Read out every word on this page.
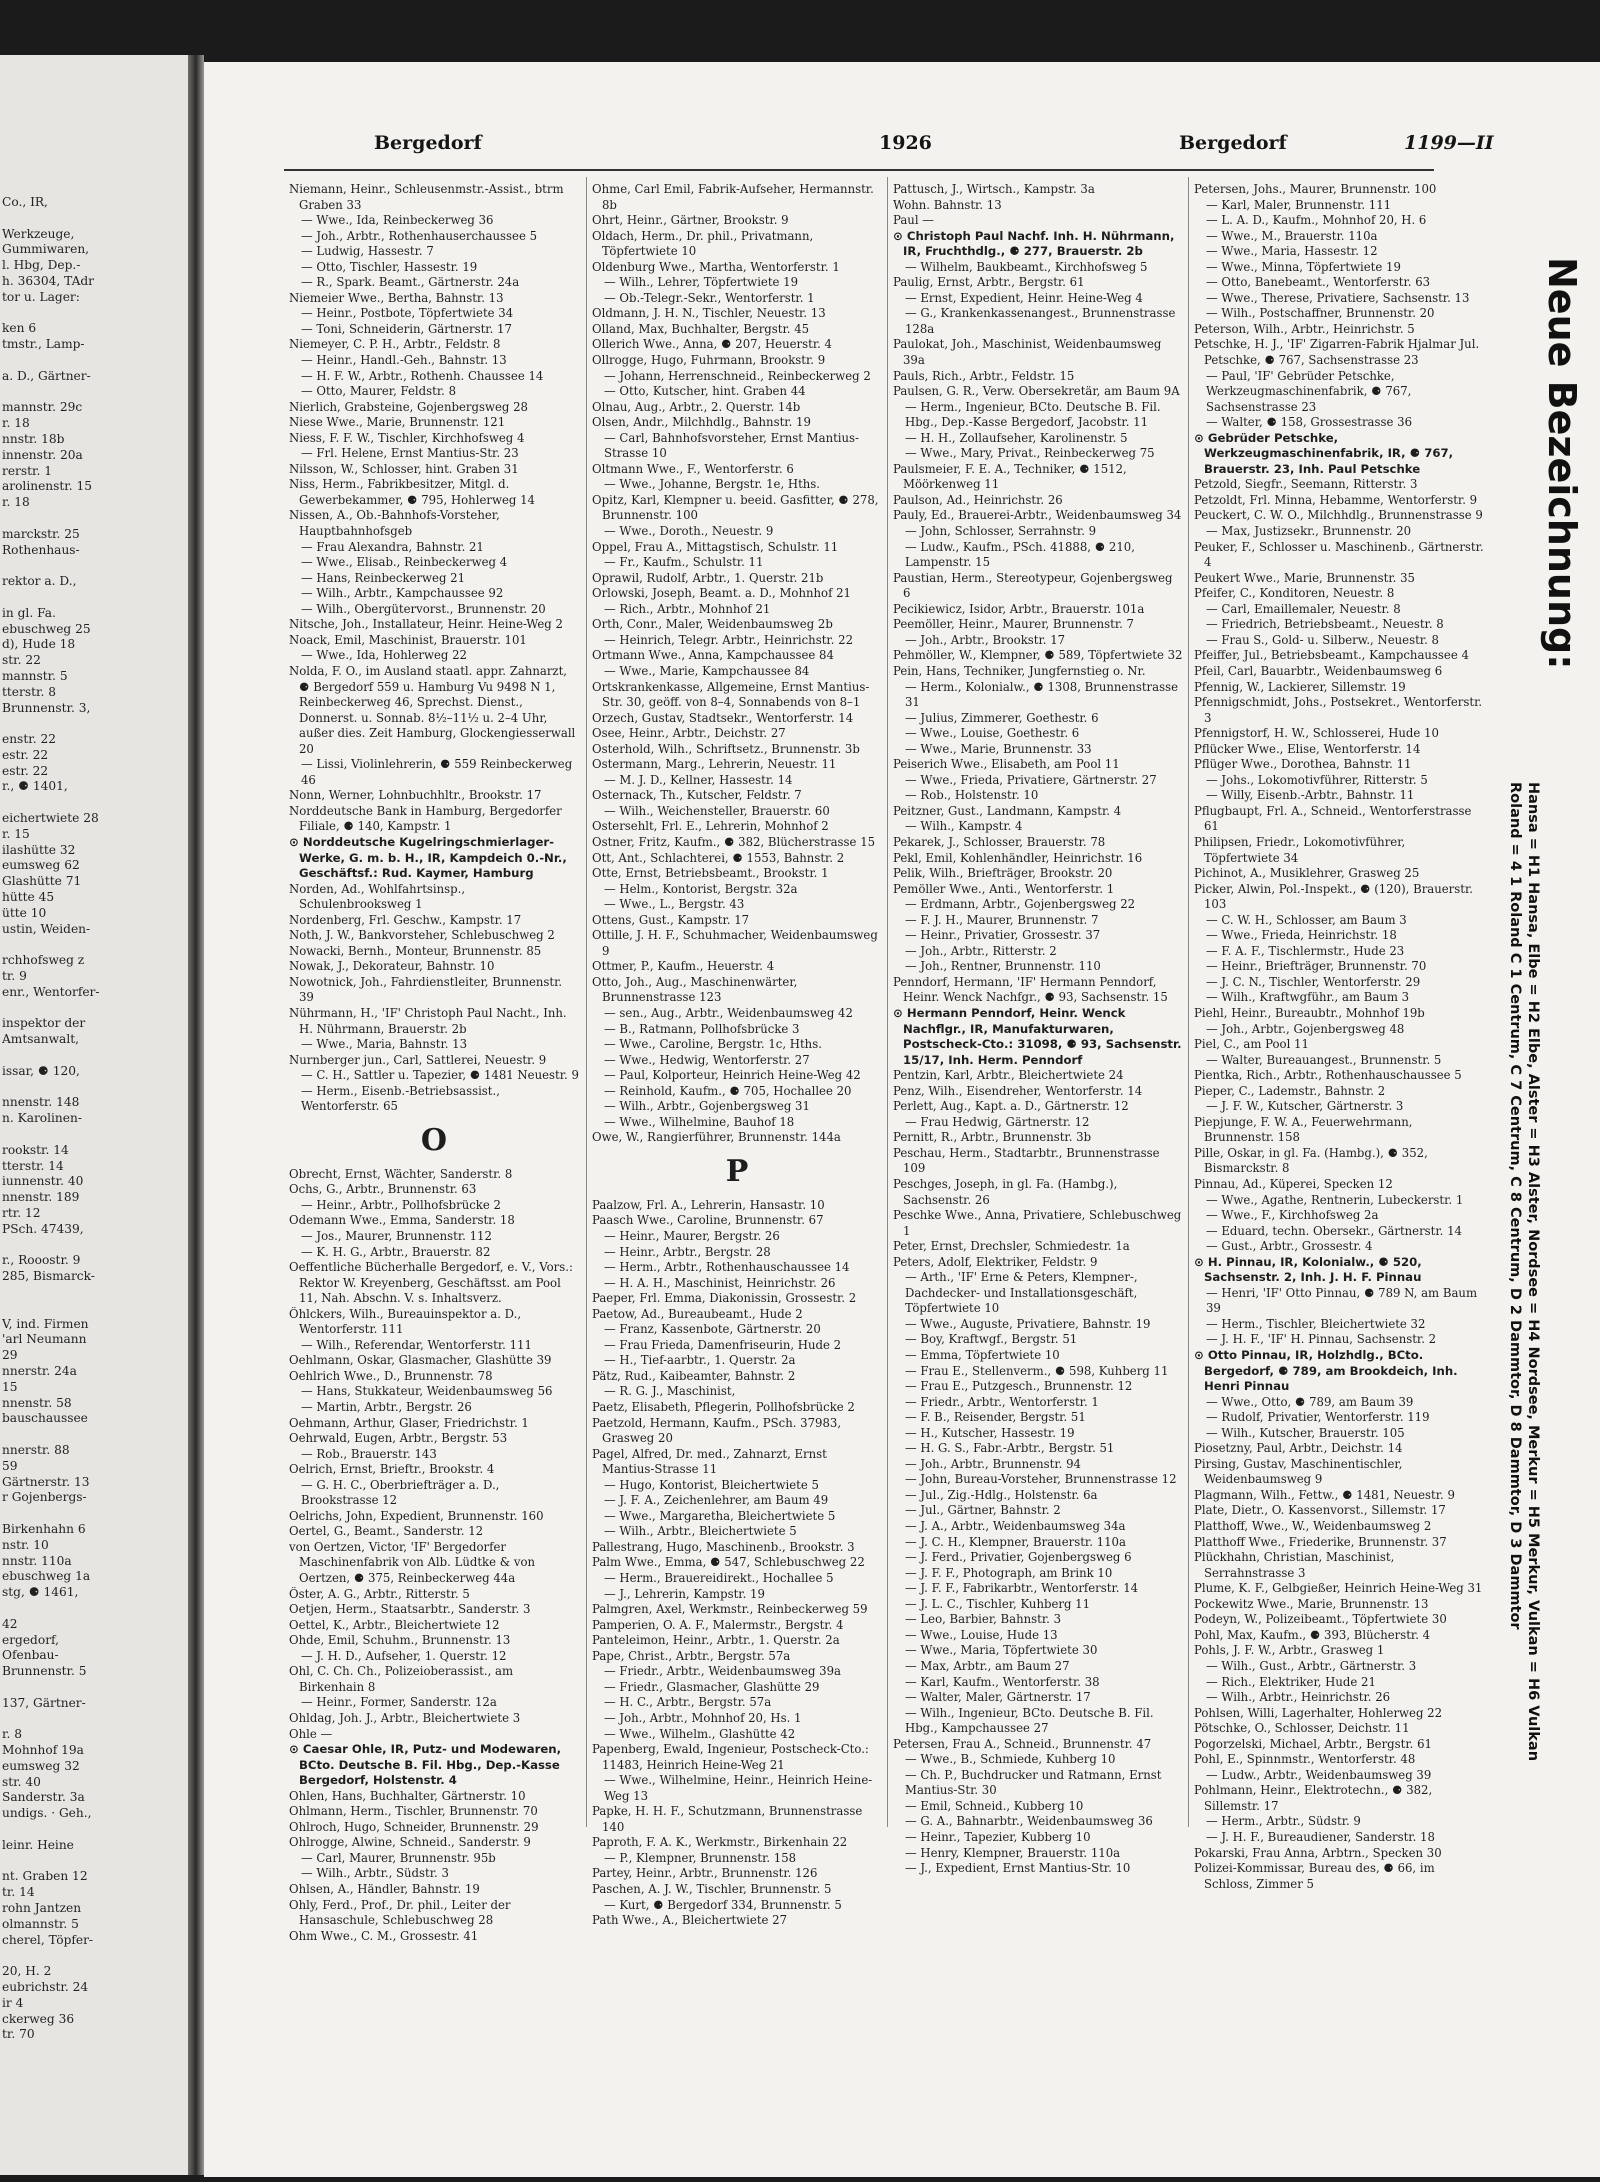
Co., IR,

Werkzeuge,
Gummiwaren,
l. Hbg, Dep.-
h. 36304, TAdr
tor u. Lager:

ken 6
tmstr., Lamp-

a. D., Gärtner-

mannstr. 29c
r. 18
nnstr. 18b
innenstr. 20a
rerstr. 1
arolinenstr. 15
r. 18

marckstr. 25
Rothenhaus-

rektor a. D.,

in gl. Fa.
ebuschweg 25
d), Hude 18
str. 22
mannstr. 5
tterstr. 8
Brunnenstr. 3,

enstr. 22
estr. 22
estr. 22
r., ⚈ 1401,

eichertwiete 28
r. 15
ilashütte 32
eumsweg 62
Glashütte 71
hütte 45
ütte 10
ustin, Weiden-

rchhofsweg z
tr. 9
enr., Wentorfer-

inspektor der
Amtsanwalt,

issar, ⚈ 120,

nnenstr. 148
n. Karolinen-

rookstr. 14
tterstr. 14
iunnenstr. 40
nnenstr. 189
rtr. 12
PSch. 47439,

r., Rooostr. 9
285, Bismarck-

V, ind. Firmen
'arl Neumann
29
nnerstr. 24a
15
nnenstr. 58
bauschaussee

nnerstr. 88
59
Gärtnerstr. 13
r Gojenbergs-

Birkenhahn 6
nstr. 10
nnstr. 110a
ebuschweg 1a
stg, ⚈ 1461,

42
ergedorf,
Ofenbau-
Brunnenstr. 5

137, Gärtner-

r. 8
Mohnhof 19a
eumsweg 32
str. 40
Sanderstr. 3a
undigs. · Geh.,

leinr. Heine

nt. Graben 12
tr. 14
rohn Jantzen
olmannstr. 5
cherel, Töpfer-

20, H. 2
eubrichstr. 24
ir 4
ckerweg 36
tr. 70
Bergedorf	1926	Bergedorf	1199—II
Niemann, Heinr., Schleusenmstr.-Assist., btrm Graben 33
— Wwe., Ida, Reinbeckerweg 36
— Joh., Arbtr., Rothenhauserchaussee 5
— Ludwig, Hassestr. 7
— Otto, Tischler, Hassestr. 19
— R., Spark. Beamt., Gärtnerstr. 24a
Niemeier Wwe., Bertha, Bahnstr. 13
— Heinr., Postbote, Töpfertwiete 34
— Toni, Schneiderin, Gärtnerstr. 17
Niemeyer, C. P. H., Arbtr., Feldstr. 8
— Heinr., Handl.-Geh., Bahnstr. 13
— H. F. W., Arbtr., Rothenh. Chaussee 14
— Otto, Maurer, Feldstr. 8
Nierlich, Grabsteine, Gojenbergsweg 28
Niese Wwe., Marie, Brunnenstr. 121
Niess, F. F. W., Tischler, Kirchhofsweg 4
— Frl. Helene, Ernst Mantius-Str. 23
Nilsson, W., Schlosser, hint. Graben 31
Niss, Herm., Fabrikbesitzer, Mitgl. d. Gewerbekammer, ⚈ 795, Hohlerweg 14
Nissen, A., Ob.-Bahnhofs-Vorsteher, Hauptbahnhofsgeb
— Frau Alexandra, Bahnstr. 21
— Wwe., Elisab., Reinbeckerweg 4
— Hans, Reinbeckerweg 21
— Wilh., Arbtr., Kampchaussee 92
— Wilh., Obergütervorst., Brunnenstr. 20
Nitsche, Joh., Installateur, Heinr. Heine-Weg 2
Noack, Emil, Maschinist, Brauerstr. 101
— Wwe., Ida, Hohlerweg 22
Nolda, F. O., im Ausland staatl. appr. Zahnarzt, ⚈ Bergedorf 559 u. Hamburg Vu 9498 N 1, Reinbeckerweg 46, Sprechst. Dienst., Donnerst. u. Sonnab. 8½–11½ u. 2–4 Uhr, außer dies. Zeit Hamburg, Glockengiesserwall 20
— Lissi, Violinlehrerin, ⚈ 559 Reinbeckerweg 46
Nonn, Werner, Lohnbuchhltr., Brookstr. 17
Norddeutsche Bank in Hamburg, Bergedorfer Filiale, ⚈ 140, Kampstr. 1
⊙ Norddeutsche Kugelringschmierlager-Werke, G. m. b. H., IR, Kampdeich 0.-Nr., Geschäftsf.: Rud. Kaymer, Hamburg
Norden, Ad., Wohlfahrtsinsp., Schulenbrooksweg 1
Nordenberg, Frl. Geschw., Kampstr. 17
Noth, J. W., Bankvorsteher, Schlebuschweg 2
Nowacki, Bernh., Monteur, Brunnenstr. 85
Nowak, J., Dekorateur, Bahnstr. 10
Nowotnick, Joh., Fahrdienstleiter, Brunnenstr. 39
Nührmann, H., 'IF' Christoph Paul Nacht., Inh. H. Nührmann, Brauerstr. 2b
— Wwe., Maria, Bahnstr. 13
Nurnberger jun., Carl, Sattlerei, Neuestr. 9
— C. H., Sattler u. Tapezier, ⚈ 1481 Neuestr. 9
— Herm., Eisenb.-Betriebsassist., Wentorferstr. 65
O
Obrecht, Ernst, Wächter, Sanderstr. 8
Ochs, G., Arbtr., Brunnenstr. 63
— Heinr., Arbtr., Pollhofsbrücke 2
Odemann Wwe., Emma, Sanderstr. 18
— Jos., Maurer, Brunnenstr. 112
— K. H. G., Arbtr., Brauerstr. 82
Oeffentliche Bücherhalle Bergedorf, e. V., Vors.: Rektor W. Kreyenberg, Geschäftsst. am Pool 11, Nah. Abschn. V. s. Inhaltsverz.
Öhlckers, Wilh., Bureauinspektor a. D., Wentorferstr. 111
— Wilh., Referendar, Wentorferstr. 111
Oehlmann, Oskar, Glasmacher, Glashütte 39
Oehlrich Wwe., D., Brunnenstr. 78
— Hans, Stukkateur, Weidenbaumsweg 56
— Martin, Arbtr., Bergstr. 26
Oehmann, Arthur, Glaser, Friedrichstr. 1
Oehrwald, Eugen, Arbtr., Bergstr. 53
— Rob., Brauerstr. 143
Oelrich, Ernst, Brieftr., Brookstr. 4
— G. H. C., Oberbriefträger a. D., Brookstrasse 12
Oelrichs, John, Expedient, Brunnenstr. 160
Oertel, G., Beamt., Sanderstr. 12
von Oertzen, Victor, 'IF' Bergedorfer Maschinenfabrik von Alb. Lüdtke & von Oertzen, ⚈ 375, Reinbeckerweg 44a
Öster, A. G., Arbtr., Ritterstr. 5
Oetjen, Herm., Staatsarbtr., Sanderstr. 3
Oettel, K., Arbtr., Bleichertwiete 12
Ohde, Emil, Schuhm., Brunnenstr. 13
— J. H. D., Aufseher, 1. Querstr. 12
Ohl, C. Ch. Ch., Polizeioberassist., am Birkenhain 8
— Heinr., Former, Sanderstr. 12a
Ohldag, Joh. J., Arbtr., Bleichertwiete 3
Ohle —
⊙ Caesar Ohle, IR, Putz- und Modewaren, BCto. Deutsche B. Fil. Hbg., Dep.-Kasse Bergedorf, Holstenstr. 4
Ohlen, Hans, Buchhalter, Gärtnerstr. 10
Ohlmann, Herm., Tischler, Brunnenstr. 70
Ohlroch, Hugo, Schneider, Brunnenstr. 29
Ohlrogge, Alwine, Schneid., Sanderstr. 9
— Carl, Maurer, Brunnenstr. 95b
— Wilh., Arbtr., Südstr. 3
Ohlsen, A., Händler, Bahnstr. 19
Ohly, Ferd., Prof., Dr. phil., Leiter der Hansaschule, Schlebuschweg 28
Ohm Wwe., C. M., Grossestr. 41
Ohme, Carl Emil, Fabrik-Aufseher, Hermannstr. 8b
Ohrt, Heinr., Gärtner, Brookstr. 9
Oldach, Herm., Dr. phil., Privatmann, Töpfertwiete 10
Oldenburg Wwe., Martha, Wentorferstr. 1
— Wilh., Lehrer, Töpfertwiete 19
— Ob.-Telegr.-Sekr., Wentorferstr. 1
Oldmann, J. H. N., Tischler, Neuestr. 13
Olland, Max, Buchhalter, Bergstr. 45
Ollerich Wwe., Anna, ⚈ 207, Heuerstr. 4
Ollrogge, Hugo, Fuhrmann, Brookstr. 9
— Johann, Herrenschneid., Reinbeckerweg 2
— Otto, Kutscher, hint. Graben 44
Olnau, Aug., Arbtr., 2. Querstr. 14b
Olsen, Andr., Milchhdlg., Bahnstr. 19
— Carl, Bahnhofsvorsteher, Ernst Mantius-Strasse 10
Oltmann Wwe., F., Wentorferstr. 6
— Wwe., Johanne, Bergstr. 1e, Hths.
Opitz, Karl, Klempner u. beeid. Gasfitter, ⚈ 278, Brunnenstr. 100
— Wwe., Doroth., Neuestr. 9
Oppel, Frau A., Mittagstisch, Schulstr. 11
— Fr., Kaufm., Schulstr. 11
Oprawil, Rudolf, Arbtr., 1. Querstr. 21b
Orlowski, Joseph, Beamt. a. D., Mohnhof 21
— Rich., Arbtr., Mohnhof 21
Orth, Conr., Maler, Weidenbaumsweg 2b
— Heinrich, Telegr. Arbtr., Heinrichstr. 22
Ortmann Wwe., Anna, Kampchaussee 84
— Wwe., Marie, Kampchaussee 84
Ortskrankenkasse, Allgemeine, Ernst Mantius-Str. 30, geöff. von 8–4, Sonnabends von 8–1
Orzech, Gustav, Stadtsekr., Wentorferstr. 14
Osee, Heinr., Arbtr., Deichstr. 27
Osterhold, Wilh., Schriftsetz., Brunnenstr. 3b
Ostermann, Marg., Lehrerin, Neuestr. 11
— M. J. D., Kellner, Hassestr. 14
Osternack, Th., Kutscher, Feldstr. 7
— Wilh., Weichensteller, Brauerstr. 60
Ostersehlt, Frl. E., Lehrerin, Mohnhof 2
Ostner, Fritz, Kaufm., ⚈ 382, Blücherstrasse 15
Ott, Ant., Schlachterei, ⚈ 1553, Bahnstr. 2
Otte, Ernst, Betriebsbeamt., Brookstr. 1
— Helm., Kontorist, Bergstr. 32a
— Wwe., L., Bergstr. 43
Ottens, Gust., Kampstr. 17
Ottille, J. H. F., Schuhmacher, Weidenbaumsweg 9
Ottmer, P., Kaufm., Heuerstr. 4
Otto, Joh., Aug., Maschinenwärter, Brunnenstrasse 123
— sen., Aug., Arbtr., Weidenbaumsweg 42
— B., Ratmann, Pollhofsbrücke 3
— Wwe., Caroline, Bergstr. 1c, Hths.
— Wwe., Hedwig, Wentorferstr. 27
— Paul, Kolporteur, Heinrich Heine-Weg 42
— Reinhold, Kaufm., ⚈ 705, Hochallee 20
— Wilh., Arbtr., Gojenbergsweg 31
— Wwe., Wilhelmine, Bauhof 18
Owe, W., Rangierführer, Brunnenstr. 144a
P
Paalzow, Frl. A., Lehrerin, Hansastr. 10
Paasch Wwe., Caroline, Brunnenstr. 67
— Heinr., Maurer, Bergstr. 26
— Heinr., Arbtr., Bergstr. 28
— Herm., Arbtr., Rothenhauschaussee 14
— H. A. H., Maschinist, Heinrichstr. 26
Paeper, Frl. Emma, Diakonissin, Grossestr. 2
Paetow, Ad., Bureaubeamt., Hude 2
— Franz, Kassenbote, Gärtnerstr. 20
— Frau Frieda, Damenfriseurin, Hude 2
— H., Tief-aarbtr., 1. Querstr. 2a
Pätz, Rud., Kaibeamter, Bahnstr. 2
— R. G. J., Maschinist,
Paetz, Elisabeth, Pflegerin, Pollhofsbrücke 2
Paetzold, Hermann, Kaufm., PSch. 37983, Grasweg 20
Pagel, Alfred, Dr. med., Zahnarzt, Ernst Mantius-Strasse 11
— Hugo, Kontorist, Bleichertwiete 5
— J. F. A., Zeichenlehrer, am Baum 49
— Wwe., Margaretha, Bleichertwiete 5
— Wilh., Arbtr., Bleichertwiete 5
Pallestrang, Hugo, Maschinenb., Brookstr. 3
Palm Wwe., Emma, ⚈ 547, Schlebuschweg 22
— Herm., Brauereidirekt., Hochallee 5
— J., Lehrerin, Kampstr. 19
Palmgren, Axel, Werkmstr., Reinbeckerweg 59
Pamperien, O. A. F., Malermstr., Bergstr. 4
Panteleimon, Heinr., Arbtr., 1. Querstr. 2a
Pape, Christ., Arbtr., Bergstr. 57a
— Friedr., Arbtr., Weidenbaumsweg 39a
— Friedr., Glasmacher, Glashütte 29
— H. C., Arbtr., Bergstr. 57a
— Joh., Arbtr., Mohnhof 20, Hs. 1
— Wwe., Wilhelm., Glashütte 42
Papenberg, Ewald, Ingenieur, Postscheck-Cto.: 11483, Heinrich Heine-Weg 21
— Wwe., Wilhelmine, Heinr., Heinrich Heine-Weg 13
Papke, H. H. F., Schutzmann, Brunnenstrasse 140
Paproth, F. A. K., Werkmstr., Birkenhain 22
— P., Klempner, Brunnenstr. 158
Partey, Heinr., Arbtr., Brunnenstr. 126
Paschen, A. J. W., Tischler, Brunnenstr. 5
— Kurt, ⚈ Bergedorf 334, Brunnenstr. 5
Path Wwe., A., Bleichertwiete 27
Pattusch, J., Wirtsch., Kampstr. 3a
Wohn. Bahnstr. 13
Paul —
⊙ Christoph Paul Nachf. Inh. H. Nührmann, IR, Fruchthdlg., ⚈ 277, Brauerstr. 2b
— Wilhelm, Baukbeamt., Kirchhofsweg 5
Paulig, Ernst, Arbtr., Bergstr. 61
— Ernst, Expedient, Heinr. Heine-Weg 4
— G., Krankenkassenangest., Brunnenstrasse 128a
Paulokat, Joh., Maschinist, Weidenbaumsweg 39a
Pauls, Rich., Arbtr., Feldstr. 15
Paulsen, G. R., Verw. Obersekretär, am Baum 9A
— Herm., Ingenieur, BCto. Deutsche B. Fil. Hbg., Dep.-Kasse Bergedorf, Jacobstr. 11
— H. H., Zollaufseher, Karolinenstr. 5
— Wwe., Mary, Privat., Reinbeckerweg 75
Paulsmeier, F. E. A., Techniker, ⚈ 1512, Möörkenweg 11
Paulson, Ad., Heinrichstr. 26
Pauly, Ed., Brauerei-Arbtr., Weidenbaumsweg 34
— John, Schlosser, Serrahnstr. 9
— Ludw., Kaufm., PSch. 41888, ⚈ 210, Lampenstr. 15
Paustian, Herm., Stereotypeur, Gojenbergsweg 6
Pecikiewicz, Isidor, Arbtr., Brauerstr. 101a
Peemöller, Heinr., Maurer, Brunnenstr. 7
— Joh., Arbtr., Brookstr. 17
Pehmöller, W., Klempner, ⚈ 589, Töpfertwiete 32
Pein, Hans, Techniker, Jungfernstieg o. Nr.
— Herm., Kolonialw., ⚈ 1308, Brunnenstrasse 31
— Julius, Zimmerer, Goethestr. 6
— Wwe., Louise, Goethestr. 6
— Wwe., Marie, Brunnenstr. 33
Peiserich Wwe., Elisabeth, am Pool 11
— Wwe., Frieda, Privatiere, Gärtnerstr. 27
— Rob., Holstenstr. 10
Peitzner, Gust., Landmann, Kampstr. 4
— Wilh., Kampstr. 4
Pekarek, J., Schlosser, Brauerstr. 78
Pekl, Emil, Kohlenhändler, Heinrichstr. 16
Pelik, Wilh., Briefträger, Brookstr. 20
Pemöller Wwe., Anti., Wentorferstr. 1
— Erdmann, Arbtr., Gojenbergsweg 22
— F. J. H., Maurer, Brunnenstr. 7
— Heinr., Privatier, Grossestr. 37
— Joh., Arbtr., Ritterstr. 2
— Joh., Rentner, Brunnenstr. 110
Penndorf, Hermann, 'IF' Hermann Penndorf, Heinr. Wenck Nachfgr., ⚈ 93, Sachsenstr. 15
⊙ Hermann Penndorf, Heinr. Wenck Nachflgr., IR, Manufakturwaren, Postscheck-Cto.: 31098, ⚈ 93, Sachsenstr. 15/17, Inh. Herm. Penndorf
Pentzin, Karl, Arbtr., Bleichertwiete 24
Penz, Wilh., Eisendreher, Wentorferstr. 14
Perlett, Aug., Kapt. a. D., Gärtnerstr. 12
— Frau Hedwig, Gärtnerstr. 12
Pernitt, R., Arbtr., Brunnenstr. 3b
Peschau, Herm., Stadtarbtr., Brunnenstrasse 109
Peschges, Joseph, in gl. Fa. (Hambg.), Sachsenstr. 26
Peschke Wwe., Anna, Privatiere, Schlebuschweg 1
Peter, Ernst, Drechsler, Schmiedestr. 1a
Peters, Adolf, Elektriker, Feldstr. 9
— Arth., 'IF' Erne & Peters, Klempner-, Dachdecker- und Installationsgeschäft, Töpfertwiete 10
— Wwe., Auguste, Privatiere, Bahnstr. 19
— Boy, Kraftwgf., Bergstr. 51
— Emma, Töpfertwiete 10
— Frau E., Stellenverm., ⚈ 598, Kuhberg 11
— Frau E., Putzgesch., Brunnenstr. 12
— Friedr., Arbtr., Wentorferstr. 1
— F. B., Reisender, Bergstr. 51
— H., Kutscher, Hassestr. 19
— H. G. S., Fabr.-Arbtr., Bergstr. 51
— Joh., Arbtr., Brunnenstr. 94
— John, Bureau-Vorsteher, Brunnenstrasse 12
— Jul., Zig.-Hdlg., Holstenstr. 6a
— Jul., Gärtner, Bahnstr. 2
— J. A., Arbtr., Weidenbaumsweg 34a
— J. C. H., Klempner, Brauerstr. 110a
— J. Ferd., Privatier, Gojenbergsweg 6
— J. F. F., Photograph, am Brink 10
— J. F. F., Fabrikarbtr., Wentorferstr. 14
— J. L. C., Tischler, Kuhberg 11
— Leo, Barbier, Bahnstr. 3
— Wwe., Louise, Hude 13
— Wwe., Maria, Töpfertwiete 30
— Max, Arbtr., am Baum 27
— Karl, Kaufm., Wentorferstr. 38
— Walter, Maler, Gärtnerstr. 17
— Wilh., Ingenieur, BCto. Deutsche B. Fil. Hbg., Kampchaussee 27
Petersen, Frau A., Schneid., Brunnenstr. 47
— Wwe., B., Schmiede, Kuhberg 10
— Ch. P., Buchdrucker und Ratmann, Ernst Mantius-Str. 30
— Emil, Schneid., Kubberg 10
— G. A., Bahnarbtr., Weidenbaumsweg 36
— Heinr., Tapezier, Kubberg 10
— Henry, Klempner, Brauerstr. 110a
— J., Expedient, Ernst Mantius-Str. 10
Petersen, Johs., Maurer, Brunnenstr. 100
— Karl, Maler, Brunnenstr. 111
— L. A. D., Kaufm., Mohnhof 20, H. 6
— Wwe., M., Brauerstr. 110a
— Wwe., Maria, Hassestr. 12
— Wwe., Minna, Töpfertwiete 19
— Otto, Banebeamt., Wentorferstr. 63
— Wwe., Therese, Privatiere, Sachsenstr. 13
— Wilh., Postschaffner, Brunnenstr. 20
Peterson, Wilh., Arbtr., Heinrichstr. 5
Petschke, H. J., 'IF' Zigarren-Fabrik Hjalmar Jul. Petschke, ⚈ 767, Sachsenstrasse 23
— Paul, 'IF' Gebrüder Petschke, Werkzeugmaschinenfabrik, ⚈ 767, Sachsenstrasse 23
— Walter, ⚈ 158, Grossestrasse 36
⊙ Gebrüder Petschke, Werkzeugmaschinenfabrik, IR, ⚈ 767, Brauerstr. 23, Inh. Paul Petschke
Petzold, Siegfr., Seemann, Ritterstr. 3
Petzoldt, Frl. Minna, Hebamme, Wentorferstr. 9
Peuckert, C. W. O., Milchhdlg., Brunnenstrasse 9
— Max, Justizsekr., Brunnenstr. 20
Peuker, F., Schlosser u. Maschinenb., Gärtnerstr. 4
Peukert Wwe., Marie, Brunnenstr. 35
Pfeifer, C., Konditoren, Neuestr. 8
— Carl, Emaillemaler, Neuestr. 8
— Friedrich, Betriebsbeamt., Neuestr. 8
— Frau S., Gold- u. Silberw., Neuestr. 8
Pfeiffer, Jul., Betriebsbeamt., Kampchaussee 4
Pfeil, Carl, Bauarbtr., Weidenbaumsweg 6
Pfennig, W., Lackierer, Sillemstr. 19
Pfennigschmidt, Johs., Postsekret., Wentorferstr. 3
Pfennigstorf, H. W., Schlosserei, Hude 10
Pflücker Wwe., Elise, Wentorferstr. 14
Pflüger Wwe., Dorothea, Bahnstr. 11
— Johs., Lokomotivführer, Ritterstr. 5
— Willy, Eisenb.-Arbtr., Bahnstr. 11
Pflugbaupt, Frl. A., Schneid., Wentorferstrasse 61
Philipsen, Friedr., Lokomotivführer, Töpfertwiete 34
Pichinot, A., Musiklehrer, Grasweg 25
Picker, Alwin, Pol.-Inspekt., ⚈ (120), Brauerstr. 103
— C. W. H., Schlosser, am Baum 3
— Wwe., Frieda, Heinrichstr. 18
— F. A. F., Tischlermstr., Hude 23
— Heinr., Briefträger, Brunnenstr. 70
— J. C. N., Tischler, Wentorferstr. 29
— Wilh., Kraftwgführ., am Baum 3
Piehl, Heinr., Bureaubtr., Mohnhof 19b
— Joh., Arbtr., Gojenbergsweg 48
Piel, C., am Pool 11
— Walter, Bureauangest., Brunnenstr. 5
Pientka, Rich., Arbtr., Rothenhauschaussee 5
Pieper, C., Lademstr., Bahnstr. 2
— J. F. W., Kutscher, Gärtnerstr. 3
Piepjunge, F. W. A., Feuerwehrmann, Brunnenstr. 158
Pille, Oskar, in gl. Fa. (Hambg.), ⚈ 352, Bismarckstr. 8
Pinnau, Ad., Küperei, Specken 12
— Wwe., Agathe, Rentnerin, Lubeckerstr. 1
— Wwe., F., Kirchhofsweg 2a
— Eduard, techn. Obersekr., Gärtnerstr. 14
— Gust., Arbtr., Grossestr. 4
⊙ H. Pinnau, IR, Kolonialw., ⚈ 520, Sachsenstr. 2, Inh. J. H. F. Pinnau
— Henri, 'IF' Otto Pinnau, ⚈ 789 N, am Baum 39
— Herm., Tischler, Bleichertwiete 32
— J. H. F., 'IF' H. Pinnau, Sachsenstr. 2
⊙ Otto Pinnau, IR, Holzhdlg., BCto. Bergedorf, ⚈ 789, am Brookdeich, Inh. Henri Pinnau
— Wwe., Otto, ⚈ 789, am Baum 39
— Rudolf, Privatier, Wentorferstr. 119
— Wilh., Kutscher, Brauerstr. 105
Piosetzny, Paul, Arbtr., Deichstr. 14
Pirsing, Gustav, Maschinentischler, Weidenbaumsweg 9
Plagmann, Wilh., Fettw., ⚈ 1481, Neuestr. 9
Plate, Dietr., O. Kassenvorst., Sillemstr. 17
Platthoff, Wwe., W., Weidenbaumsweg 2
Platthoff Wwe., Friederike, Brunnenstr. 37
Plückhahn, Christian, Maschinist, Serrahnstrasse 3
Plume, K. F., Gelbgießer, Heinrich Heine-Weg 31
Pockewitz Wwe., Marie, Brunnenstr. 13
Podeyn, W., Polizeibeamt., Töpfertwiete 30
Pohl, Max, Kaufm., ⚈ 393, Blücherstr. 4
Pohls, J. F. W., Arbtr., Grasweg 1
— Wilh., Gust., Arbtr., Gärtnerstr. 3
— Rich., Elektriker, Hude 21
— Wilh., Arbtr., Heinrichstr. 26
Pohlsen, Willi, Lagerhalter, Hohlerweg 22
Pötschke, O., Schlosser, Deichstr. 11
Pogorzelski, Michael, Arbtr., Bergstr. 61
Pohl, E., Spinnmstr., Wentorferstr. 48
— Ludw., Arbtr., Weidenbaumsweg 39
Pohlmann, Heinr., Elektrotechn., ⚈ 382, Sillemstr. 17
— Herm., Arbtr., Südstr. 9
— J. H. F., Bureaudiener, Sanderstr. 18
Pokarski, Frau Anna, Arbtrn., Specken 30
Polizei-Kommissar, Bureau des, ⚈ 66, im Schloss, Zimmer 5
Neue Bezeichnung:
Hansa = H1 Hansa, Elbe = H2 Elbe, Alster = H3 Alster, Nordsee = H4 Nordsee, Merkur = H5 Merkur, Vulkan = H6 Vulkan
Roland = 4 1 Roland C 1 Centrum, C 7 Centrum, C 8 Centrum, D 2 Dammtor, D 8 Dammtor, D 3 Dammtor
